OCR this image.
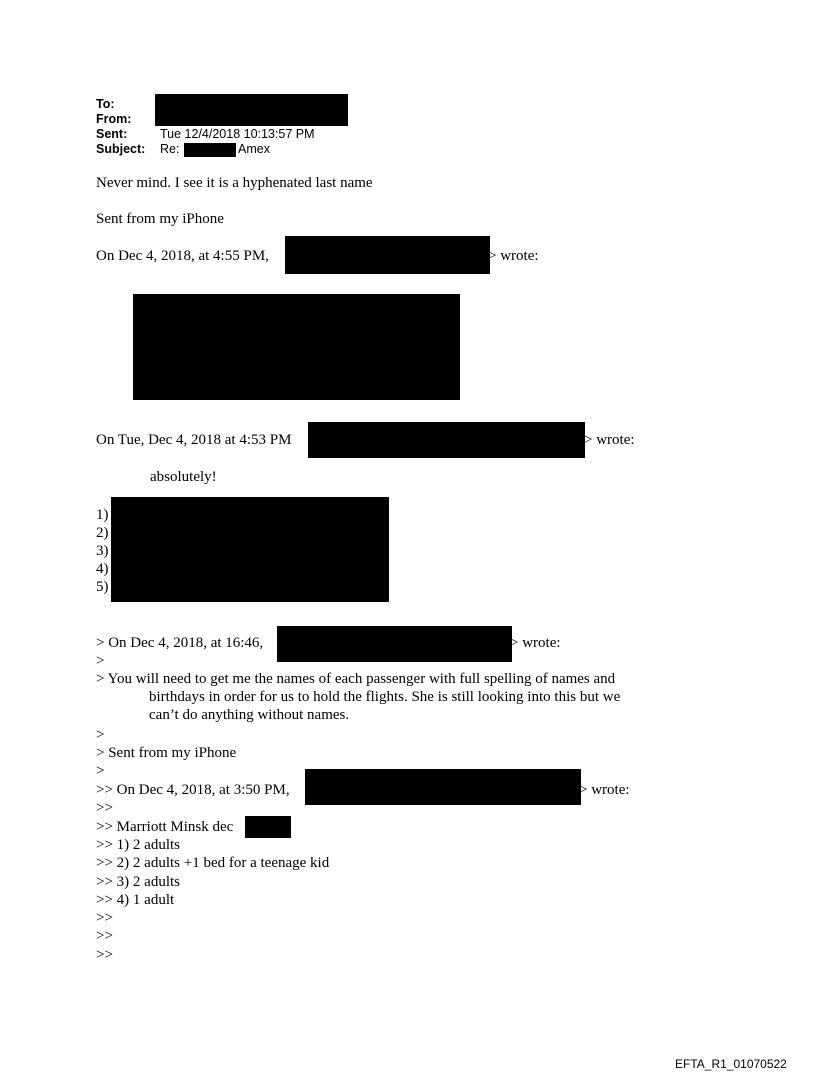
To:
From:
Sent:	Tue 12/4/2018 10:13:57 PM
Subject: Re:	Amex
Never mind. I see it is a hyphenated last name
Sent from my iPhone
On Dec 4, 2018, at 4:55 PM,	> wrote:
On Tue, Dec 4, 2018 at 4:53 PM	> wrote:
absolutely!
1)
2)
3)
4)
5)
> On Dec 4, 2018, at 16:46,	> wrote:
>
> You will need to get me the names of each passenger with full spelling of names and
birthdays in order for us to hold the flights. She is still looking into this but we
can’t do anything without names.
>
> Sent from my iPhone
>
>> On Dec 4, 2018, at 3:50 PM,	> wrote:
>>
>> Marriott Minsk dec
>> 1) 2 adults
>> 2) 2 adults +1 bed for a teenage kid
>> 3) 2 adults
>> 4) 1 adult
>>
>>
>>
EFTA_R1_01070522
